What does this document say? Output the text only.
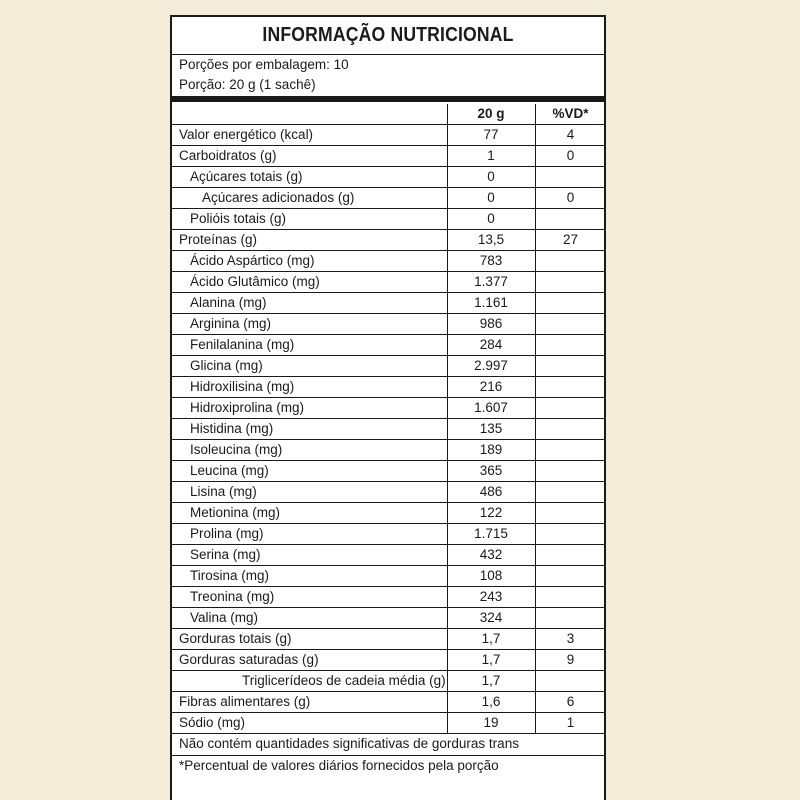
INFORMAÇÃO NUTRICIONAL
Porções por embalagem: 10
Porção: 20 g (1 sachê)
20 g	%VD*
Valor energético (kcal)	77	4
Carboidratos (g)	1	0
Açúcares totais (g)	0
Açúcares adicionados (g)	0	0
Polióis totais (g)	0
Proteínas (g)	13,5	27
Ácido Aspártico (mg)	783
Ácido Glutâmico (mg)	1.377
Alanina (mg)	1.161
Arginina (mg)	986
Fenilalanina (mg)	284
Glicina (mg)	2.997
Hidroxilisina (mg)	216
Hidroxiprolina (mg)	1.607
Histidina (mg)	135
Isoleucina (mg)	189
Leucina (mg)	365
Lisina (mg)	486
Metionina (mg)	122
Prolina (mg)	1.715
Serina (mg)	432
Tirosina (mg)	108
Treonina (mg)	243
Valina (mg)	324
Gorduras totais (g)	1,7	3
Gorduras saturadas (g)	1,7	9
Triglicerídeos de cadeia média (g)	1,7
Fibras alimentares (g)	1,6	6
Sódio (mg)	19	1
Não contém quantidades significativas de gorduras trans
*Percentual de valores diários fornecidos pela porção
